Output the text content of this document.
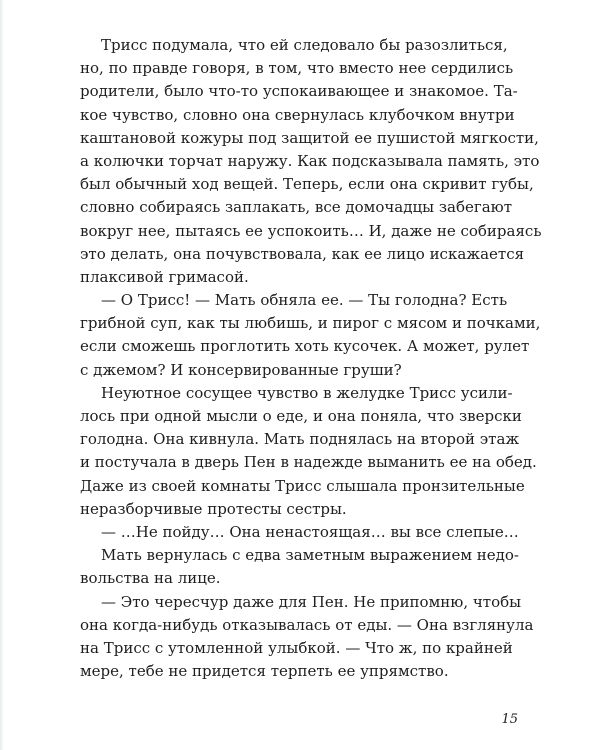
Трисс подумала, что ей следовало бы разозлиться,
но, по правде говоря, в том, что вместо нее сердились
родители, было что-то успокаивающее и знакомое. Та-
кое чувство, словно она свернулась клубочком внутри
каштановой кожуры под защитой ее пушистой мягкости,
а колючки торчат наружу. Как подсказывала память, это
был обычный ход вещей. Теперь, если она скривит губы,
словно собираясь заплакать, все домочадцы забегают
вокруг нее, пытаясь ее успокоить… И, даже не собираясь
это делать, она почувствовала, как ее лицо искажается
плаксивой гримасой.
— О Трисс! — Мать обняла ее. — Ты голодна? Есть
грибной суп, как ты любишь, и пирог с мясом и почками,
если сможешь проглотить хоть кусочек. А может, рулет
с джемом? И консервированные груши?
Неуютное сосущее чувство в желудке Трисс усили-
лось при одной мысли о еде, и она поняла, что зверски
голодна. Она кивнула. Мать поднялась на второй этаж
и постучала в дверь Пен в надежде выманить ее на обед.
Даже из своей комнаты Трисс слышала пронзительные
неразборчивые протесты сестры.
— …Не пойду… Она ненастоящая… вы все слепые…
Мать вернулась с едва заметным выражением недо-
вольства на лице.
— Это чересчур даже для Пен. Не припомню, чтобы
она когда-нибудь отказывалась от еды. — Она взглянула
на Трисс с утомленной улыбкой. — Что ж, по крайней
мере, тебе не придется терпеть ее упрямство.
15
